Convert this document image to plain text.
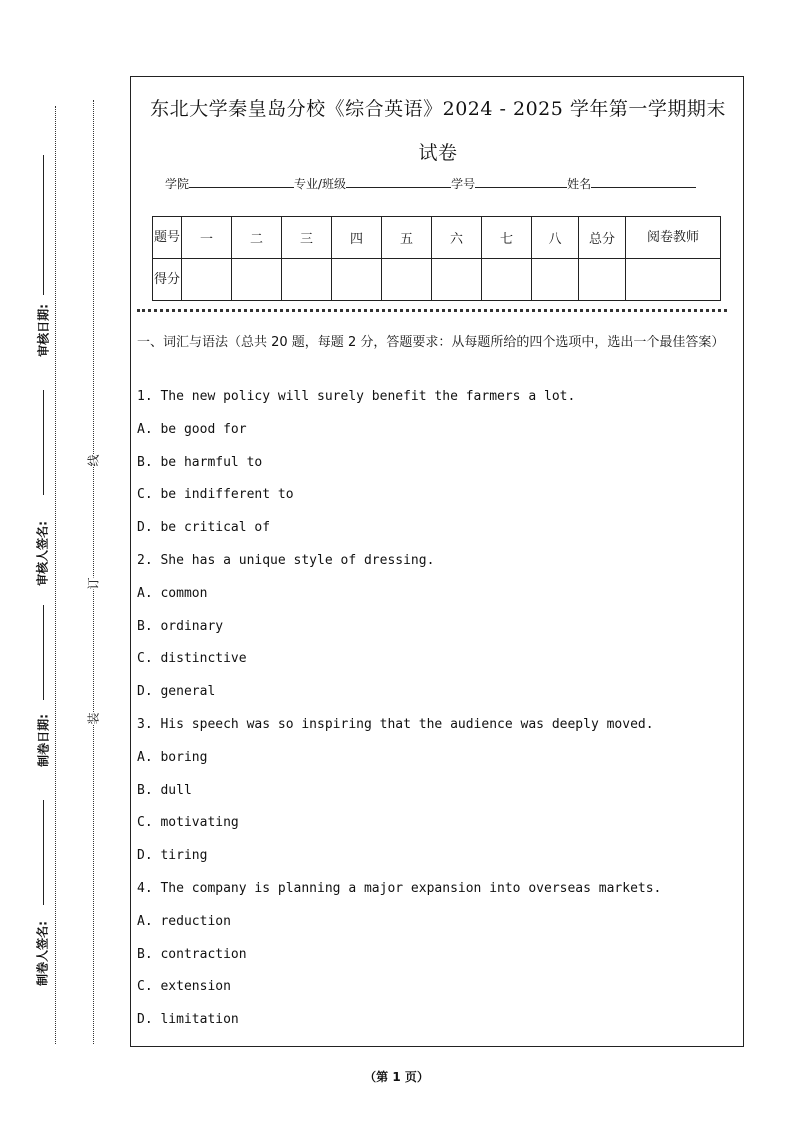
审核日期:
审核人签名:
制卷日期:
制卷人签名:
线
订
装
东北大学秦皇岛分校《综合英语》2024 - 2025 学年第一学期期末
试卷
学院	专业/班级	学号	姓名
题号	一	二	三	四	五	六	七	八	总分	阅卷教师
得分										
一、词汇与语法（总共 20 题，每题 2 分，答题要求：从每题所给的四个选项中，选出一个最佳答案）
1. The new policy will surely benefit the farmers a lot.
A. be good for
B. be harmful to
C. be indifferent to
D. be critical of
2. She has a unique style of dressing.
A. common
B. ordinary
C. distinctive
D. general
3. His speech was so inspiring that the audience was deeply moved.
A. boring
B. dull
C. motivating
D. tiring
4. The company is planning a major expansion into overseas markets.
A. reduction
B. contraction
C. extension
D. limitation
（第 1 页）
